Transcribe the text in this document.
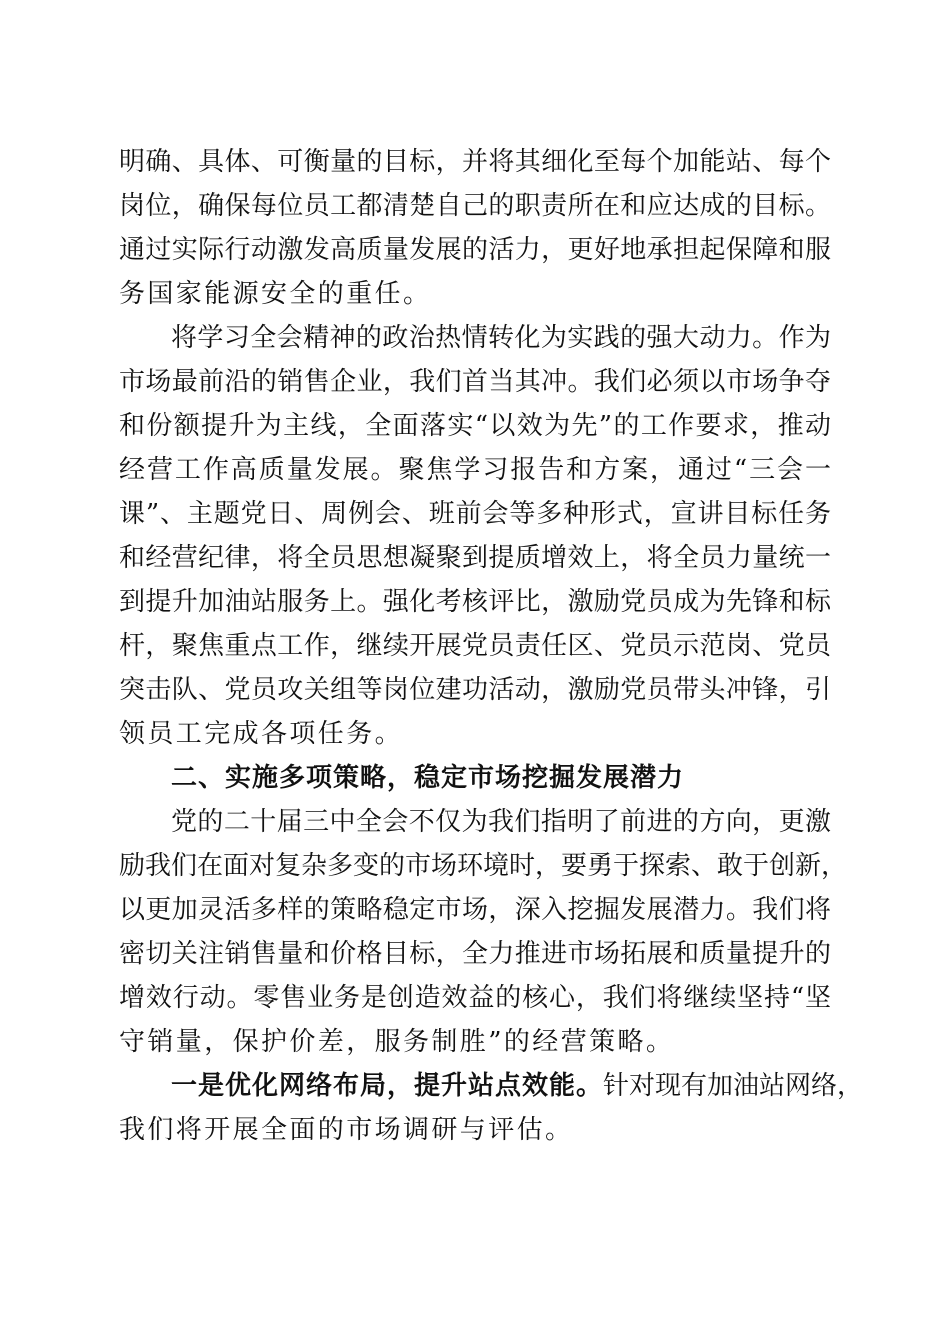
明确、具体、可衡量的目标，并将其细化至每个加能站、每个
岗位，确保每位员工都清楚自己的职责所在和应达成的目标。
通过实际行动激发高质量发展的活力，更好地承担起保障和服
务国家能源安全的重任。
将学习全会精神的政治热情转化为实践的强大动力。作为
市场最前沿的销售企业，我们首当其冲。我们必须以市场争夺
和份额提升为主线，全面落实“以效为先”的工作要求，推动
经营工作高质量发展。聚焦学习报告和方案，通过“三会一
课”、主题党日、周例会、班前会等多种形式，宣讲目标任务
和经营纪律，将全员思想凝聚到提质增效上，将全员力量统一
到提升加油站服务上。强化考核评比，激励党员成为先锋和标
杆，聚焦重点工作，继续开展党员责任区、党员示范岗、党员
突击队、党员攻关组等岗位建功活动，激励党员带头冲锋，引
领员工完成各项任务。
二、实施多项策略，稳定市场挖掘发展潜力
党的二十届三中全会不仅为我们指明了前进的方向，更激
励我们在面对复杂多变的市场环境时，要勇于探索、敢于创新，
以更加灵活多样的策略稳定市场，深入挖掘发展潜力。我们将
密切关注销售量和价格目标，全力推进市场拓展和质量提升的
增效行动。零售业务是创造效益的核心，我们将继续坚持“坚
守销量，保护价差，服务制胜”的经营策略。
一是优化网络布局，提升站点效能。针对现有加油站网络，
我们将开展全面的市场调研与评估。
